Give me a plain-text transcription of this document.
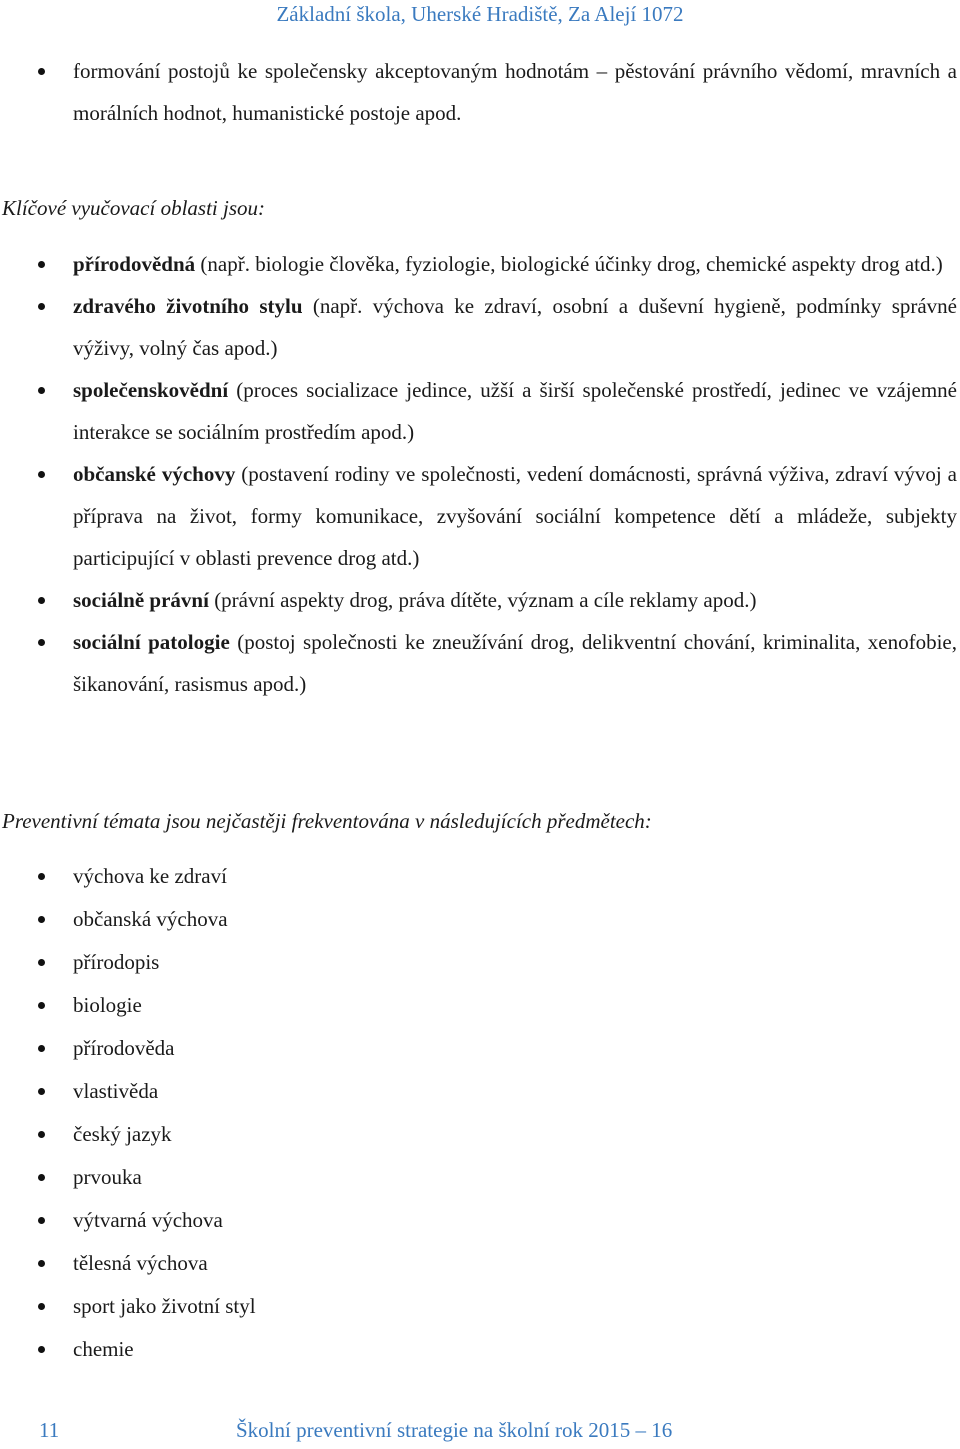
Základní škola, Uherské Hradiště, Za Alejí 1072
formování postojů ke společensky akceptovaným hodnotám – pěstování právního vědomí, mravních a morálních hodnot, humanistické postoje apod.
Klíčové vyučovací oblasti jsou:
přírodovědná (např. biologie člověka, fyziologie, biologické účinky drog, chemické aspekty drog atd.)
zdravého životního stylu (např. výchova ke zdraví, osobní a duševní hygieně, podmínky správné výživy, volný čas apod.)
společenskovědní (proces socializace jedince, užší a širší společenské prostředí, jedinec ve vzájemné interakce se sociálním prostředím apod.)
občanské výchovy (postavení rodiny ve společnosti, vedení domácnosti, správná výživa, zdraví vývoj a příprava na život, formy komunikace, zvyšování sociální kompetence dětí a mládeže, subjekty participující v oblasti prevence drog atd.)
sociálně právní (právní aspekty drog, práva dítěte, význam a cíle reklamy apod.)
sociální patologie (postoj společnosti ke zneužívání drog, delikventní chování, kriminalita, xenofobie, šikanování, rasismus apod.)
Preventivní témata jsou nejčastěji frekventována v následujících předmětech:
výchova ke zdraví
občanská výchova
přírodopis
biologie
přírodověda
vlastivěda
český jazyk
prvouka
výtvarná výchova
tělesná výchova
sport jako životní styl
chemie
11	Školní preventivní strategie na školní rok 2015 – 16
